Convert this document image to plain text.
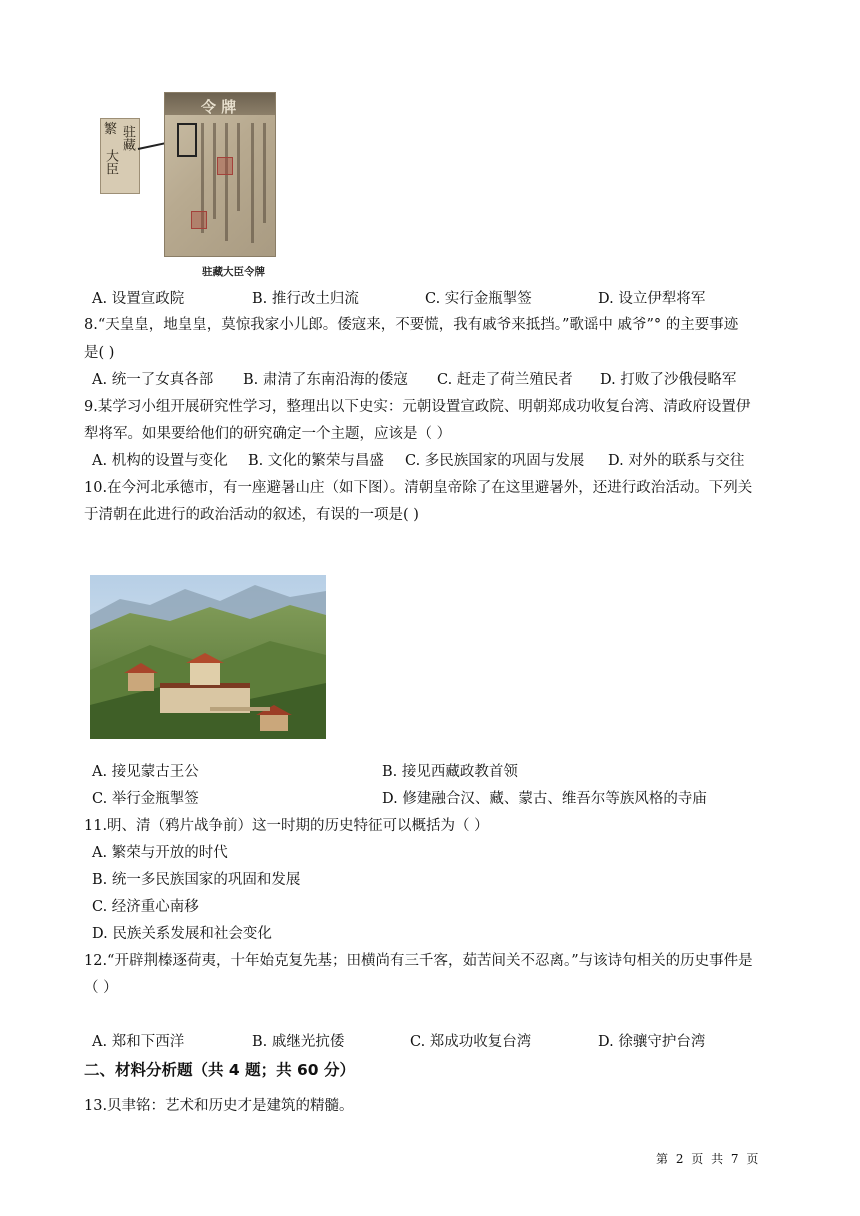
繁 驻藏
大臣
令 牌
驻藏大臣令牌
A. 设置宣政院	B. 推行改土归流	C. 实行金瓶掣签	D. 设立伊犁将军
8.“天皇皇，地皇皇，莫惊我家小儿郎。倭寇来，不要慌，我有戚爷来抵挡。”歌谣中 戚爷”° 的主要事迹
是( )
A. 统一了女真各部 B. 肃清了东南沿海的倭寇 C. 赶走了荷兰殖民者 D. 打败了沙俄侵略军
9.某学习小组开展研究性学习，整理出以下史实：元朝设置宣政院、明朝郑成功收复台湾、清政府设置伊
犁将军。如果要给他们的研究确定一个主题，应该是（ ）
A. 机构的设置与变化 B. 文化的繁荣与昌盛 C. 多民族国家的巩固与发展 D. 对外的联系与交往
10.在今河北承德市，有一座避暑山庄（如下图）。清朝皇帝除了在这里避暑外，还进行政治活动。下列关
于清朝在此进行的政治活动的叙述，有误的一项是( )
A. 接见蒙古王公	B. 接见西藏政教首领
C. 举行金瓶掣签	D. 修建融合汉、藏、蒙古、维吾尔等族风格的寺庙
11.明、清（鸦片战争前）这一时期的历史特征可以概括为（ ）
A. 繁荣与开放的时代
B. 统一多民族国家的巩固和发展
C. 经济重心南移
D. 民族关系发展和社会变化
12.“开辟荆榛逐荷夷，十年始克复先基；田横尚有三千客，茹苦间关不忍离。”与该诗句相关的历史事件是
（ ）
A. 郑和下西洋	B. 戚继光抗倭	C. 郑成功收复台湾	D. 徐骧守护台湾
二、材料分析题（共 4 题；共 60 分）
13.贝聿铭：艺术和历史才是建筑的精髓。
第 2 页 共 7 页
